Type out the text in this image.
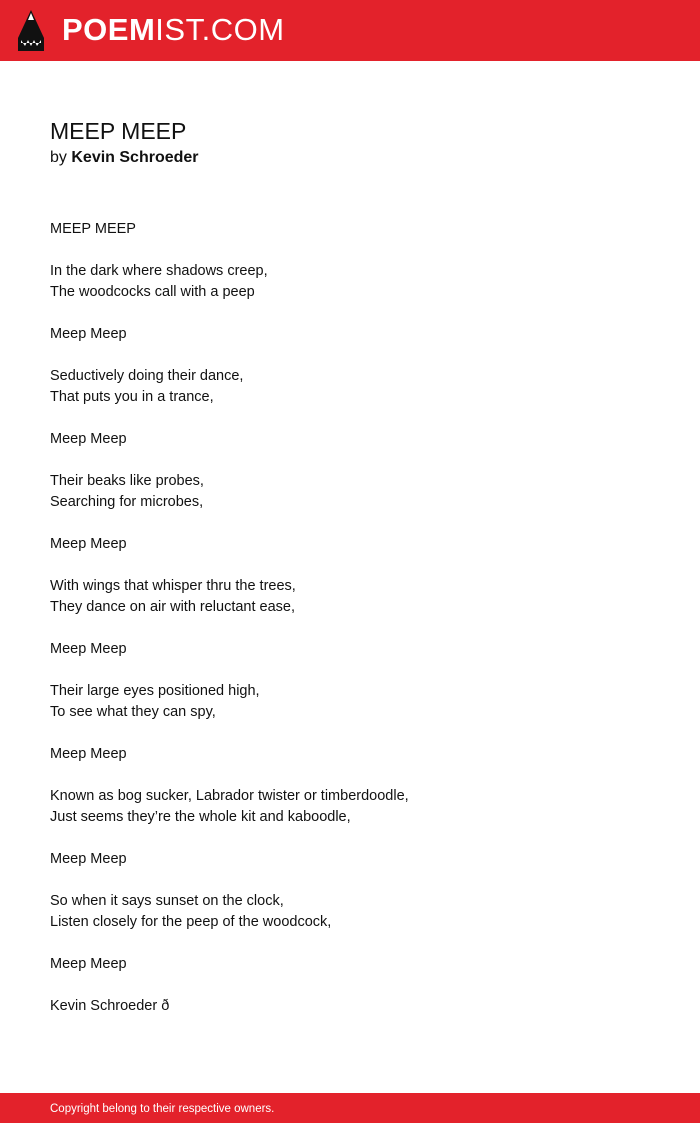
POEMIST.COM
MEEP MEEP
by Kevin Schroeder
MEEP MEEP
In the dark where shadows creep,
The woodcocks call with a peep
Meep Meep
Seductively doing their dance,
That puts you in a trance,
Meep Meep
Their beaks like probes,
Searching for microbes,
Meep Meep
With wings that whisper thru the trees,
They dance on air with reluctant ease,
Meep Meep
Their large eyes positioned high,
To see what they can spy,
Meep Meep
Known as bog sucker, Labrador twister or timberdoodle,
Just seems they’re the whole kit and kaboodle,
Meep Meep
So when it says sunset on the clock,
Listen closely for the peep of the woodcock,
Meep Meep
Kevin Schroeder ð
Copyright belong to their respective owners.
